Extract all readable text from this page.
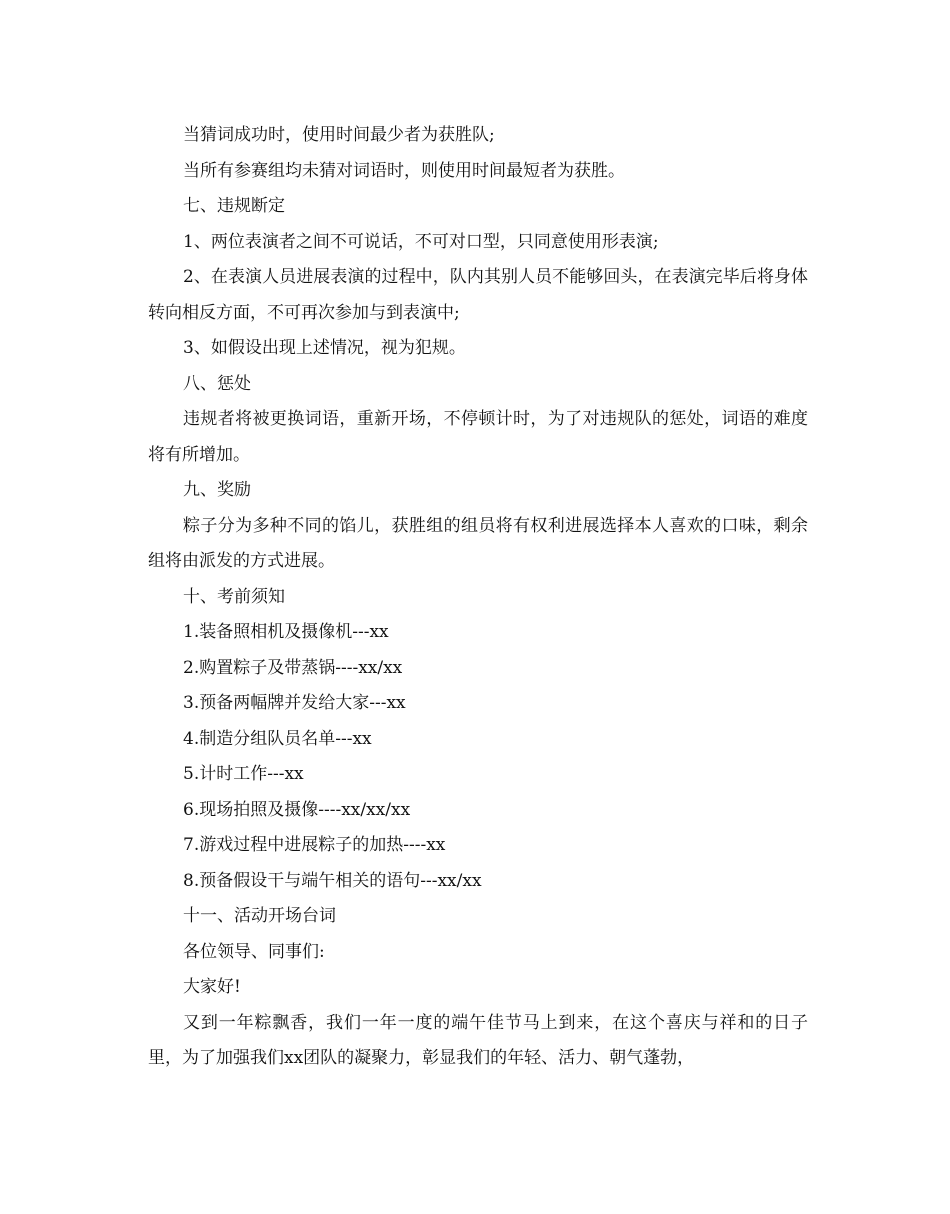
当猜词成功时，使用时间最少者为获胜队;

当所有参赛组均未猜对词语时，则使用时间最短者为获胜。

七、违规断定

1、两位表演者之间不可说话，不可对口型，只同意使用形表演;

2、在表演人员进展表演的过程中，队内其别人员不能够回头，在表演完毕后将身体转向相反方面，不可再次参加与到表演中;

3、如假设出现上述情况，视为犯规。

八、惩处

违规者将被更换词语，重新开场，不停顿计时，为了对违规队的惩处，词语的难度将有所增加。

九、奖励

粽子分为多种不同的馅儿，获胜组的组员将有权利进展选择本人喜欢的口味，剩余组将由派发的方式进展。

十、考前须知

1.装备照相机及摄像机---xx

2.购置粽子及带蒸锅----xx/xx

3.预备两幅牌并发给大家---xx

4.制造分组队员名单---xx

5.计时工作---xx

6.现场拍照及摄像----xx/xx/xx

7.游戏过程中进展粽子的加热----xx

8.预备假设干与端午相关的语句---xx/xx

十一、活动开场台词

各位领导、同事们:

大家好!

又到一年粽飘香，我们一年一度的端午佳节马上到来，在这个喜庆与祥和的日子里，为了加强我们xx团队的凝聚力，彰显我们的年轻、活力、朝气蓬勃，
